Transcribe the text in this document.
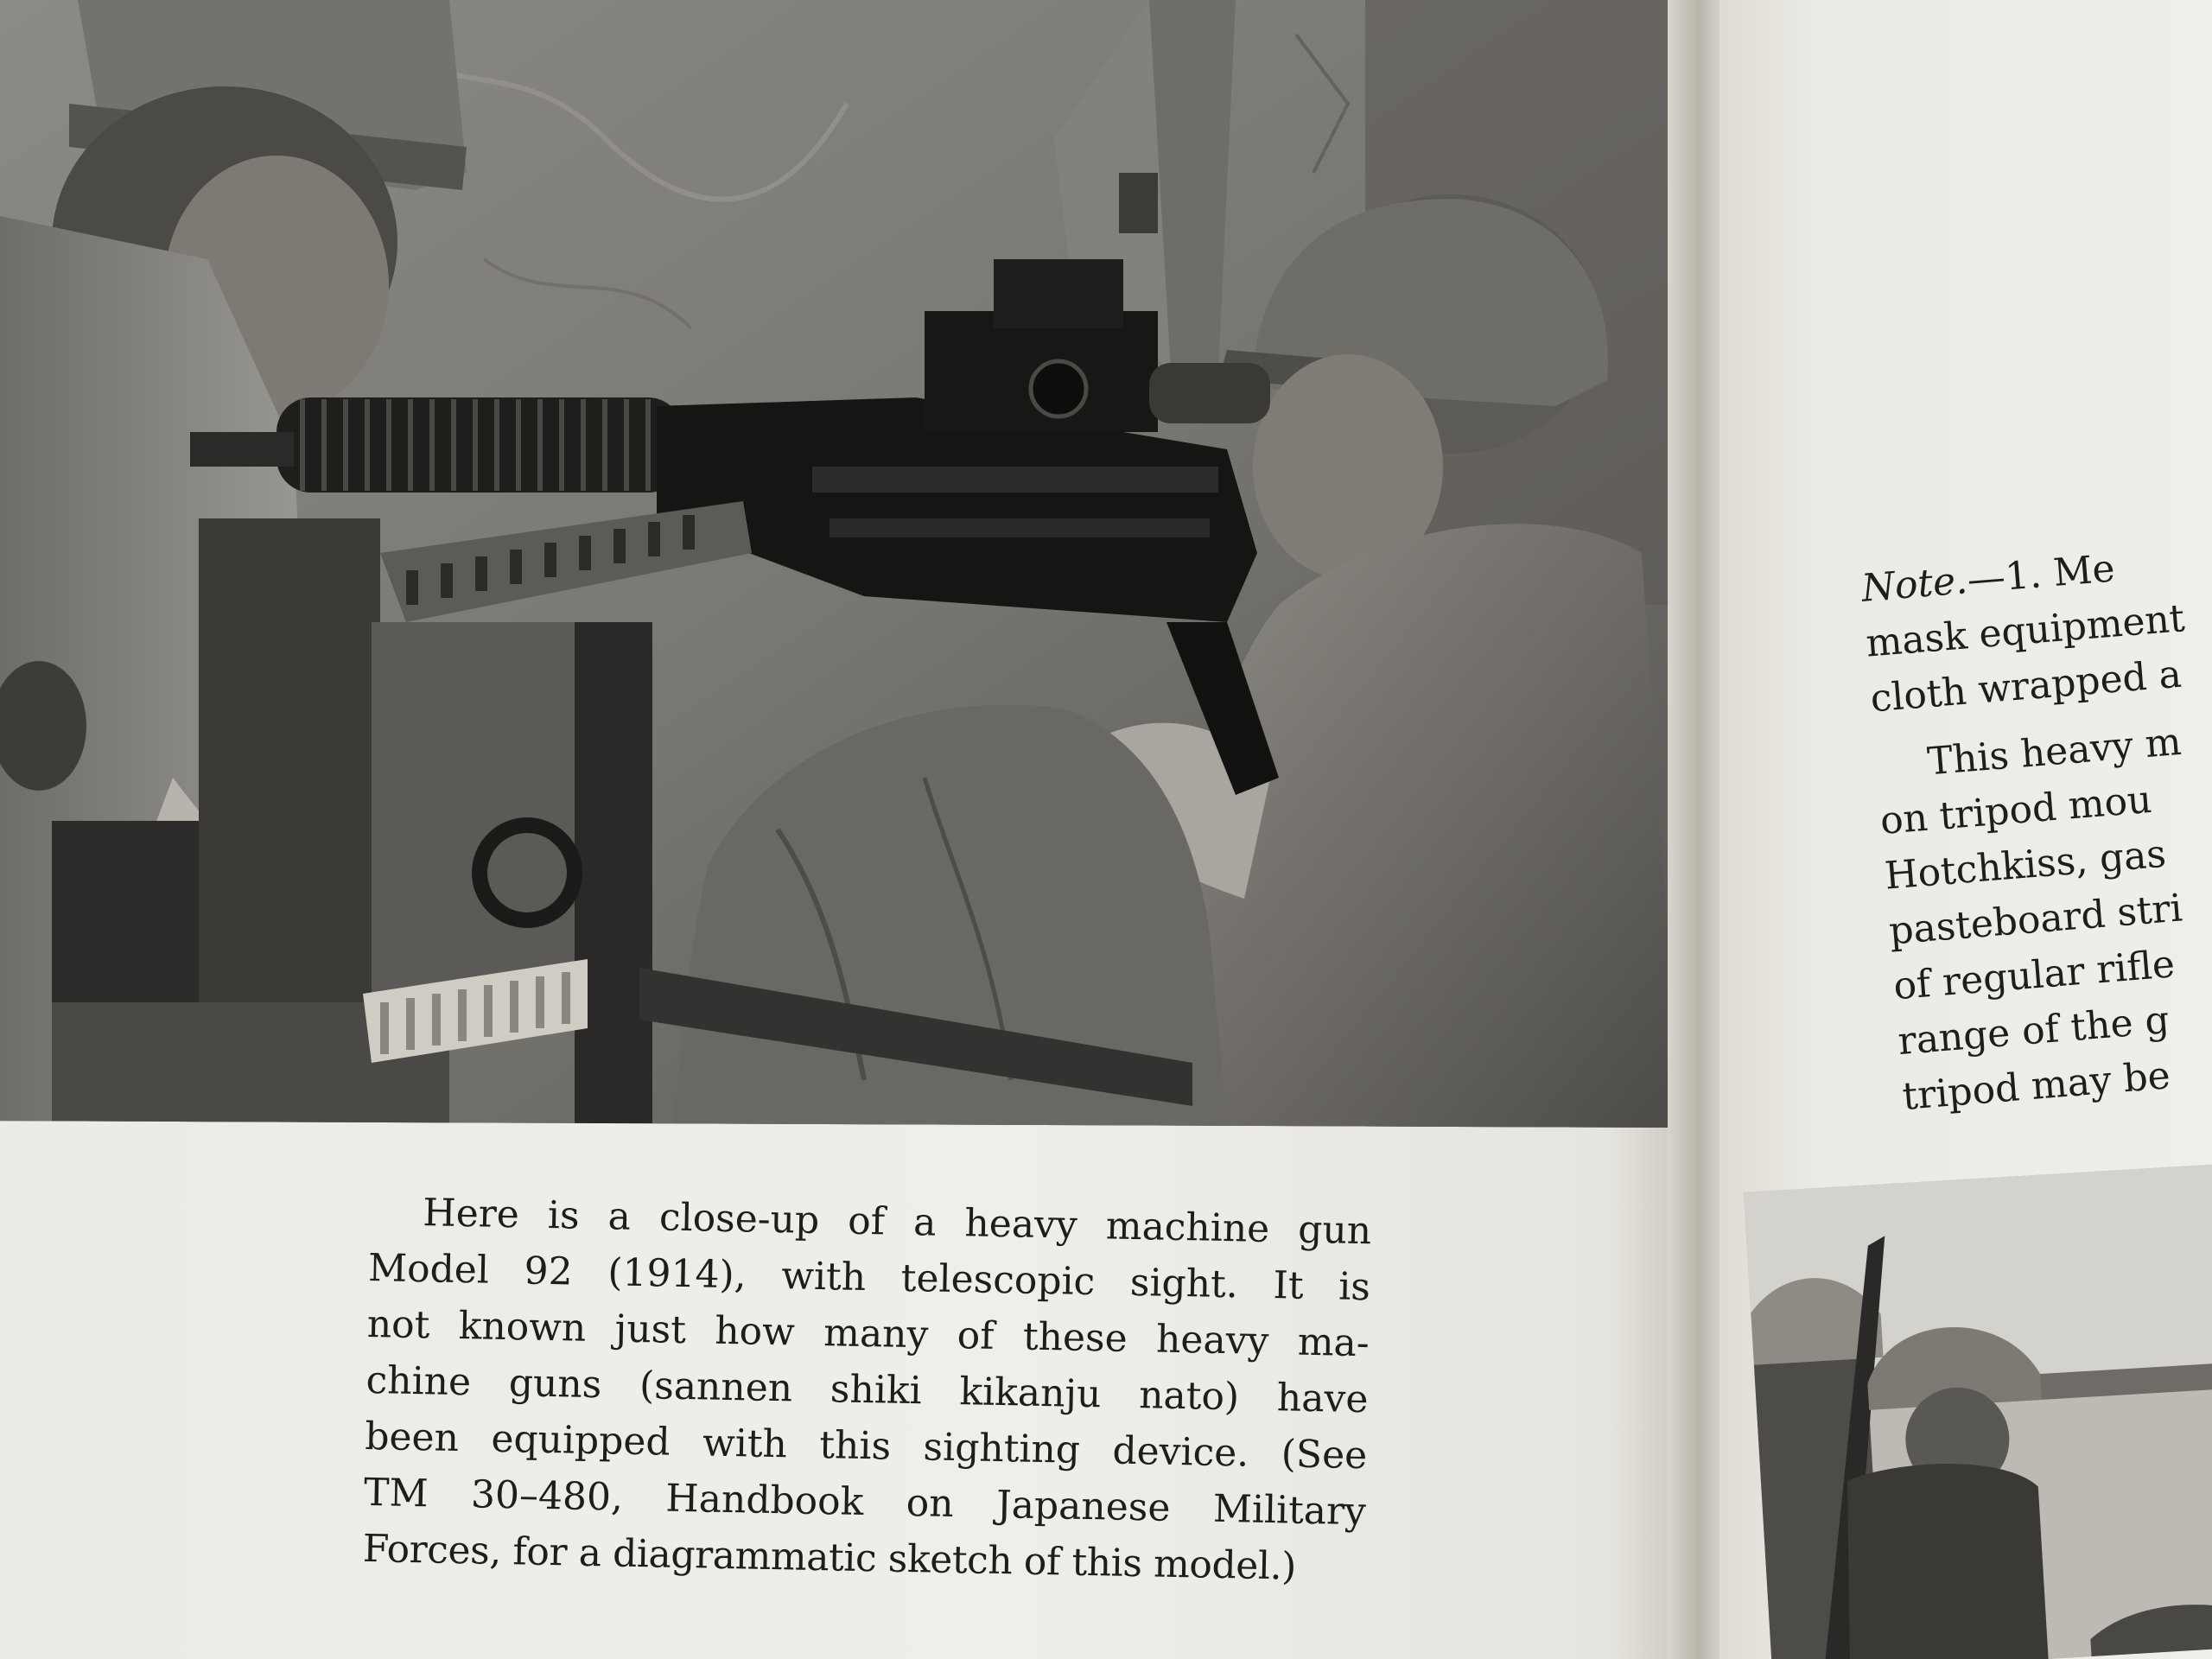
Here is a close-up of a heavy machine gun
Model 92 (1914), with telescopic sight. It is
not known just how many of these heavy ma-
chine guns (sannen shiki kikanju nato) have
been equipped with this sighting device. (See
TM 30–480, Handbook on Japanese Military
Forces, for a diagrammatic sketch of this model.)
Note.—1. Me
mask equipment
cloth wrapped a
This heavy m
on tripod mou
Hotchkiss, gas
pasteboard stri
of regular rifle
range of the g
tripod may be
